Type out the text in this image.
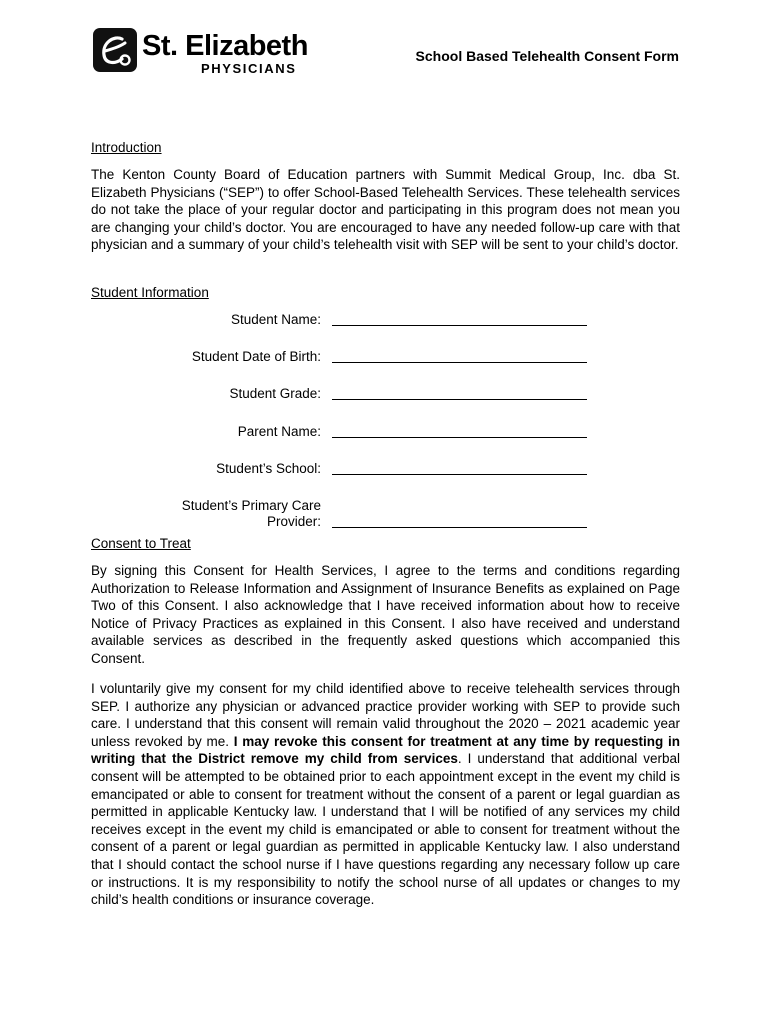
St. Elizabeth
PHYSICIANS
School Based Telehealth Consent Form
Introduction

The Kenton County Board of Education partners with Summit Medical Group, Inc. dba St. Elizabeth Physicians (“SEP”) to offer School-Based Telehealth Services. These telehealth services do not take the place of your regular doctor and participating in this program does not mean you are changing your child’s doctor. You are encouraged to have any needed follow-up care with that physician and a summary of your child’s telehealth visit with SEP will be sent to your child’s doctor.

Student Information
Student Name:
Student Date of Birth:
Student Grade:
Parent Name:
Student’s School:
Student’s Primary Care Provider:
Consent to Treat

By signing this Consent for Health Services, I agree to the terms and conditions regarding Authorization to Release Information and Assignment of Insurance Benefits as explained on Page Two of this Consent. I also acknowledge that I have received information about how to receive Notice of Privacy Practices as explained in this Consent. I also have received and understand available services as described in the frequently asked questions which accompanied this Consent.

I voluntarily give my consent for my child identified above to receive telehealth services through SEP. I authorize any physician or advanced practice provider working with SEP to provide such care. I understand that this consent will remain valid throughout the 2020 – 2021 academic year unless revoked by me. I may revoke this consent for treatment at any time by requesting in writing that the District remove my child from services. I understand that additional verbal consent will be attempted to be obtained prior to each appointment except in the event my child is emancipated or able to consent for treatment without the consent of a parent or legal guardian as permitted in applicable Kentucky law. I understand that I will be notified of any services my child receives except in the event my child is emancipated or able to consent for treatment without the consent of a parent or legal guardian as permitted in applicable Kentucky law. I also understand that I should contact the school nurse if I have questions regarding any necessary follow up care or instructions. It is my responsibility to notify the school nurse of all updates or changes to my child’s health conditions or insurance coverage.
